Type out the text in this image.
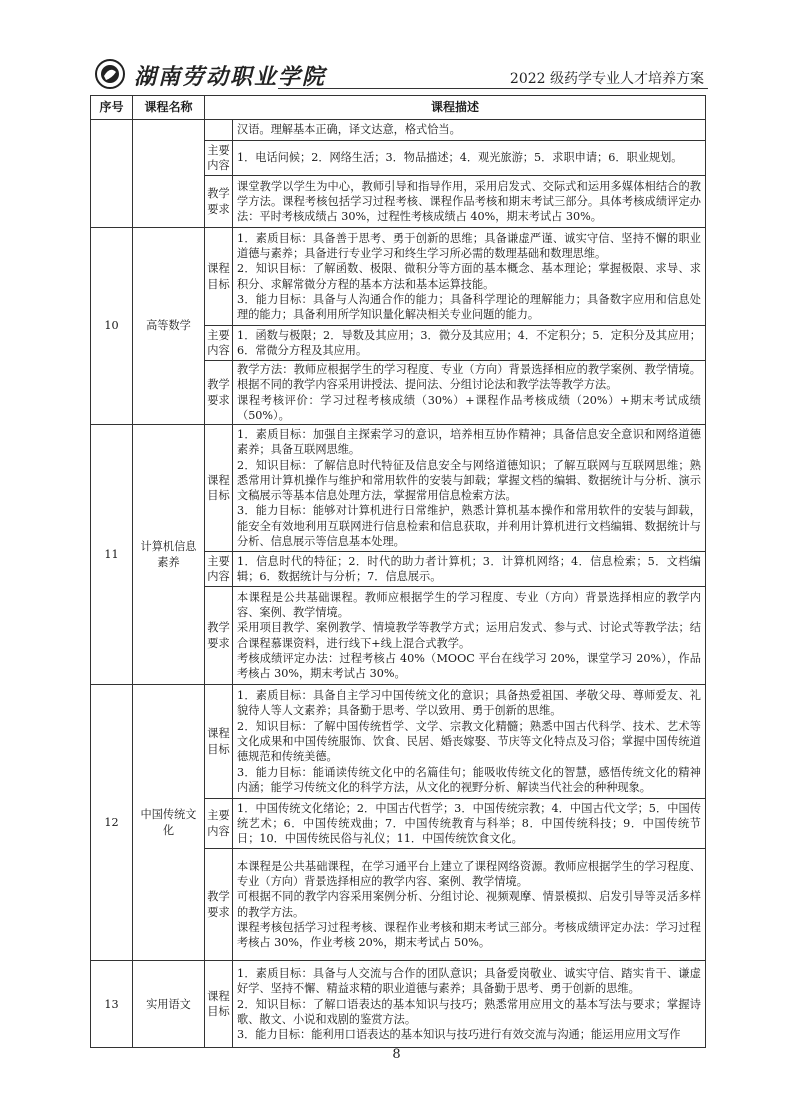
湖南劳动职业学院	2022 级药学专业人才培养方案
序号	课程名称	课程描述	
			汉语。理解基本正确，译文达意，格式恰当。
		主要内容	1．电话问候；2．网络生活；3．物品描述；4．观光旅游；5．求职申请；6．职业规划。
		教学要求	课堂教学以学生为中心，教师引导和指导作用，采用启发式、交际式和运用多媒体相结合的教学方法。课程考核包括学习过程考核、课程作品考核和期末考试三部分。具体考核成绩评定办法：平时考核成绩占 30%，过程性考核成绩占 40%，期末考试占 30%。
10	高等数学	课程目标	1．素质目标：具备善于思考、勇于创新的思维；具备谦虚严谨、诚实守信、坚持不懈的职业道德与素养；具备进行专业学习和终生学习所必需的数理基础和数理思维。
2．知识目标：了解函数、极限、微积分等方面的基本概念、基本理论；掌握极限、求导、求积分、求解常微分方程的基本方法和基本运算技能。
3．能力目标：具备与人沟通合作的能力；具备科学理论的理解能力；具备数字应用和信息处理的能力；具备利用所学知识量化解决相关专业问题的能力。

		主要内容	1．函数与极限；2．导数及其应用；3．微分及其应用；4．不定积分；5．定积分及其应用；6．常微分方程及其应用。

		教学要求	教学方法：教师应根据学生的学习程度、专业（方向）背景选择相应的教学案例、教学情境。根据不同的教学内容采用讲授法、提问法、分组讨论法和教学法等教学方法。
课程考核评价：学习过程考核成绩（30%）+课程作品考核成绩（20%）+期末考试成绩（50%）。

11	计算机信息素养	课程目标	1．素质目标：加强自主探索学习的意识，培养相互协作精神；具备信息安全意识和网络道德素养；具备互联网思维。
2．知识目标：了解信息时代特征及信息安全与网络道德知识；了解互联网与互联网思维；熟悉常用计算机操作与维护和常用软件的安装与卸载；掌握文档的编辑、数据统计与分析、演示文稿展示等基本信息处理方法，掌握常用信息检索方法。
3．能力目标：能够对计算机进行日常维护，熟悉计算机基本操作和常用软件的安装与卸载，能安全有效地利用互联网进行信息检索和信息获取，并利用计算机进行文档编辑、数据统计与分析、信息展示等信息基本处理。

		主要内容	1．信息时代的特征；2．时代的助力者计算机；3．计算机网络；4．信息检索；5．文档编辑；6．数据统计与分析；7．信息展示。

		教学要求	本课程是公共基础课程。教师应根据学生的学习程度、专业（方向）背景选择相应的教学内容、案例、教学情境。
采用项目教学、案例教学、情境教学等教学方式；运用启发式、参与式、讨论式等教学法；结合课程慕课资料，进行线下+线上混合式教学。
考核成绩评定办法：过程考核占 40%（MOOC 平台在线学习 20%，课堂学习 20%），作品考核占 30%，期末考试占 30%。

12	中国传统文化	课程目标	1．素质目标：具备自主学习中国传统文化的意识；具备热爱祖国、孝敬父母、尊师爱友、礼貌待人等人文素养；具备勤于思考、学以致用、勇于创新的思维。
2．知识目标：了解中国传统哲学、文学、宗教文化精髓；熟悉中国古代科学、技术、艺术等文化成果和中国传统服饰、饮食、民居、婚丧嫁娶、节庆等文化特点及习俗；掌握中国传统道德规范和传统美德。
3．能力目标：能诵读传统文化中的名篇佳句；能吸收传统文化的智慧，感悟传统文化的精神内涵；能学习传统文化的科学方法，从文化的视野分析、解读当代社会的种种现象。

		主要内容	1．中国传统文化绪论；2．中国古代哲学；3．中国传统宗教；4．中国古代文学；5．中国传统艺术；6．中国传统戏曲；7．中国传统教育与科举；8．中国传统科技；9．中国传统节日；10．中国传统民俗与礼仪；11．中国传统饮食文化。

		教学要求	本课程是公共基础课程，在学习通平台上建立了课程网络资源。教师应根据学生的学习程度、专业（方向）背景选择相应的教学内容、案例、教学情境。
可根据不同的教学内容采用案例分析、分组讨论、视频观摩、情景模拟、启发引导等灵活多样的教学方法。
课程考核包括学习过程考核、课程作业考核和期末考试三部分。考核成绩评定办法：学习过程考核占 30%，作业考核 20%，期末考试占 50%。

13	实用语文	课程目标	1．素质目标：具备与人交流与合作的团队意识；具备爱岗敬业、诚实守信、踏实肯干、谦虚好学、坚持不懈、精益求精的职业道德与素养；具备勤于思考、勇于创新的思维。
2．知识目标：了解口语表达的基本知识与技巧；熟悉常用应用文的基本写法与要求；掌握诗歌、散文、小说和戏剧的鉴赏方法。
3．能力目标：能利用口语表达的基本知识与技巧进行有效交流与沟通；能运用应用文写作
8
